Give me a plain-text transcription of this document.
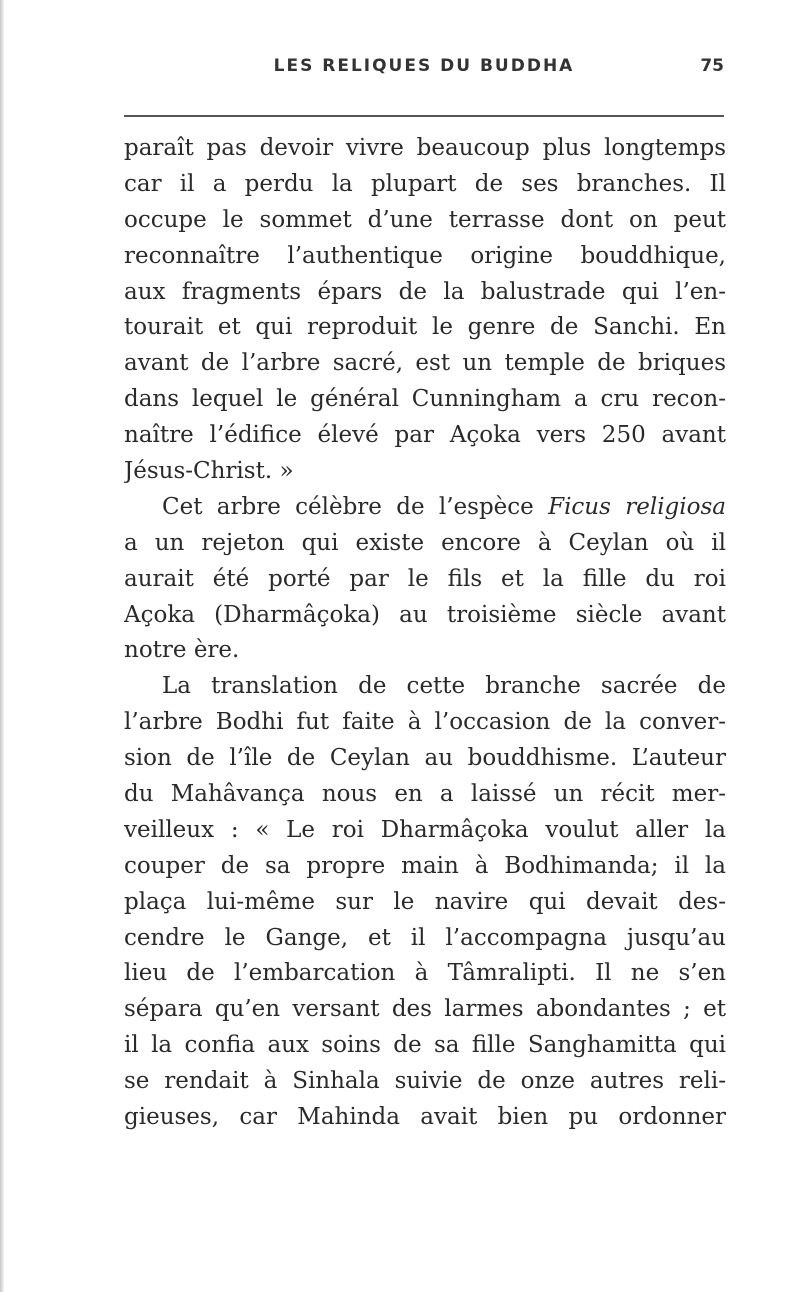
LES RELIQUES DU BUDDHA	75
paraît pas devoir vivre beaucoup plus longtemps
car il a perdu la plupart de ses branches. Il
occupe le sommet d’une terrasse dont on peut
reconnaître l’authentique origine bouddhique,
aux fragments épars de la balustrade qui l’en-
tourait et qui reproduit le genre de Sanchi. En
avant de l’arbre sacré, est un temple de briques
dans lequel le général Cunningham a cru recon-
naître l’édifice élevé par Açoka vers 250 avant
Jésus-Christ. »
Cet arbre célèbre de l’espèce Ficus religiosa
a un rejeton qui existe encore à Ceylan où il
aurait été porté par le fils et la fille du roi
Açoka (Dharmâçoka) au troisième siècle avant
notre ère.
La translation de cette branche sacrée de
l’arbre Bodhi fut faite à l’occasion de la conver-
sion de l’île de Ceylan au bouddhisme. L’auteur
du Mahâvança nous en a laissé un récit mer-
veilleux : « Le roi Dharmâçoka voulut aller la
couper de sa propre main à Bodhimanda; il la
plaça lui-même sur le navire qui devait des-
cendre le Gange, et il l’accompagna jusqu’au
lieu de l’embarcation à Tâmralipti. Il ne s’en
sépara qu’en versant des larmes abondantes ; et
il la confia aux soins de sa fille Sanghamitta qui
se rendait à Sinhala suivie de onze autres reli-
gieuses, car Mahinda avait bien pu ordonner
